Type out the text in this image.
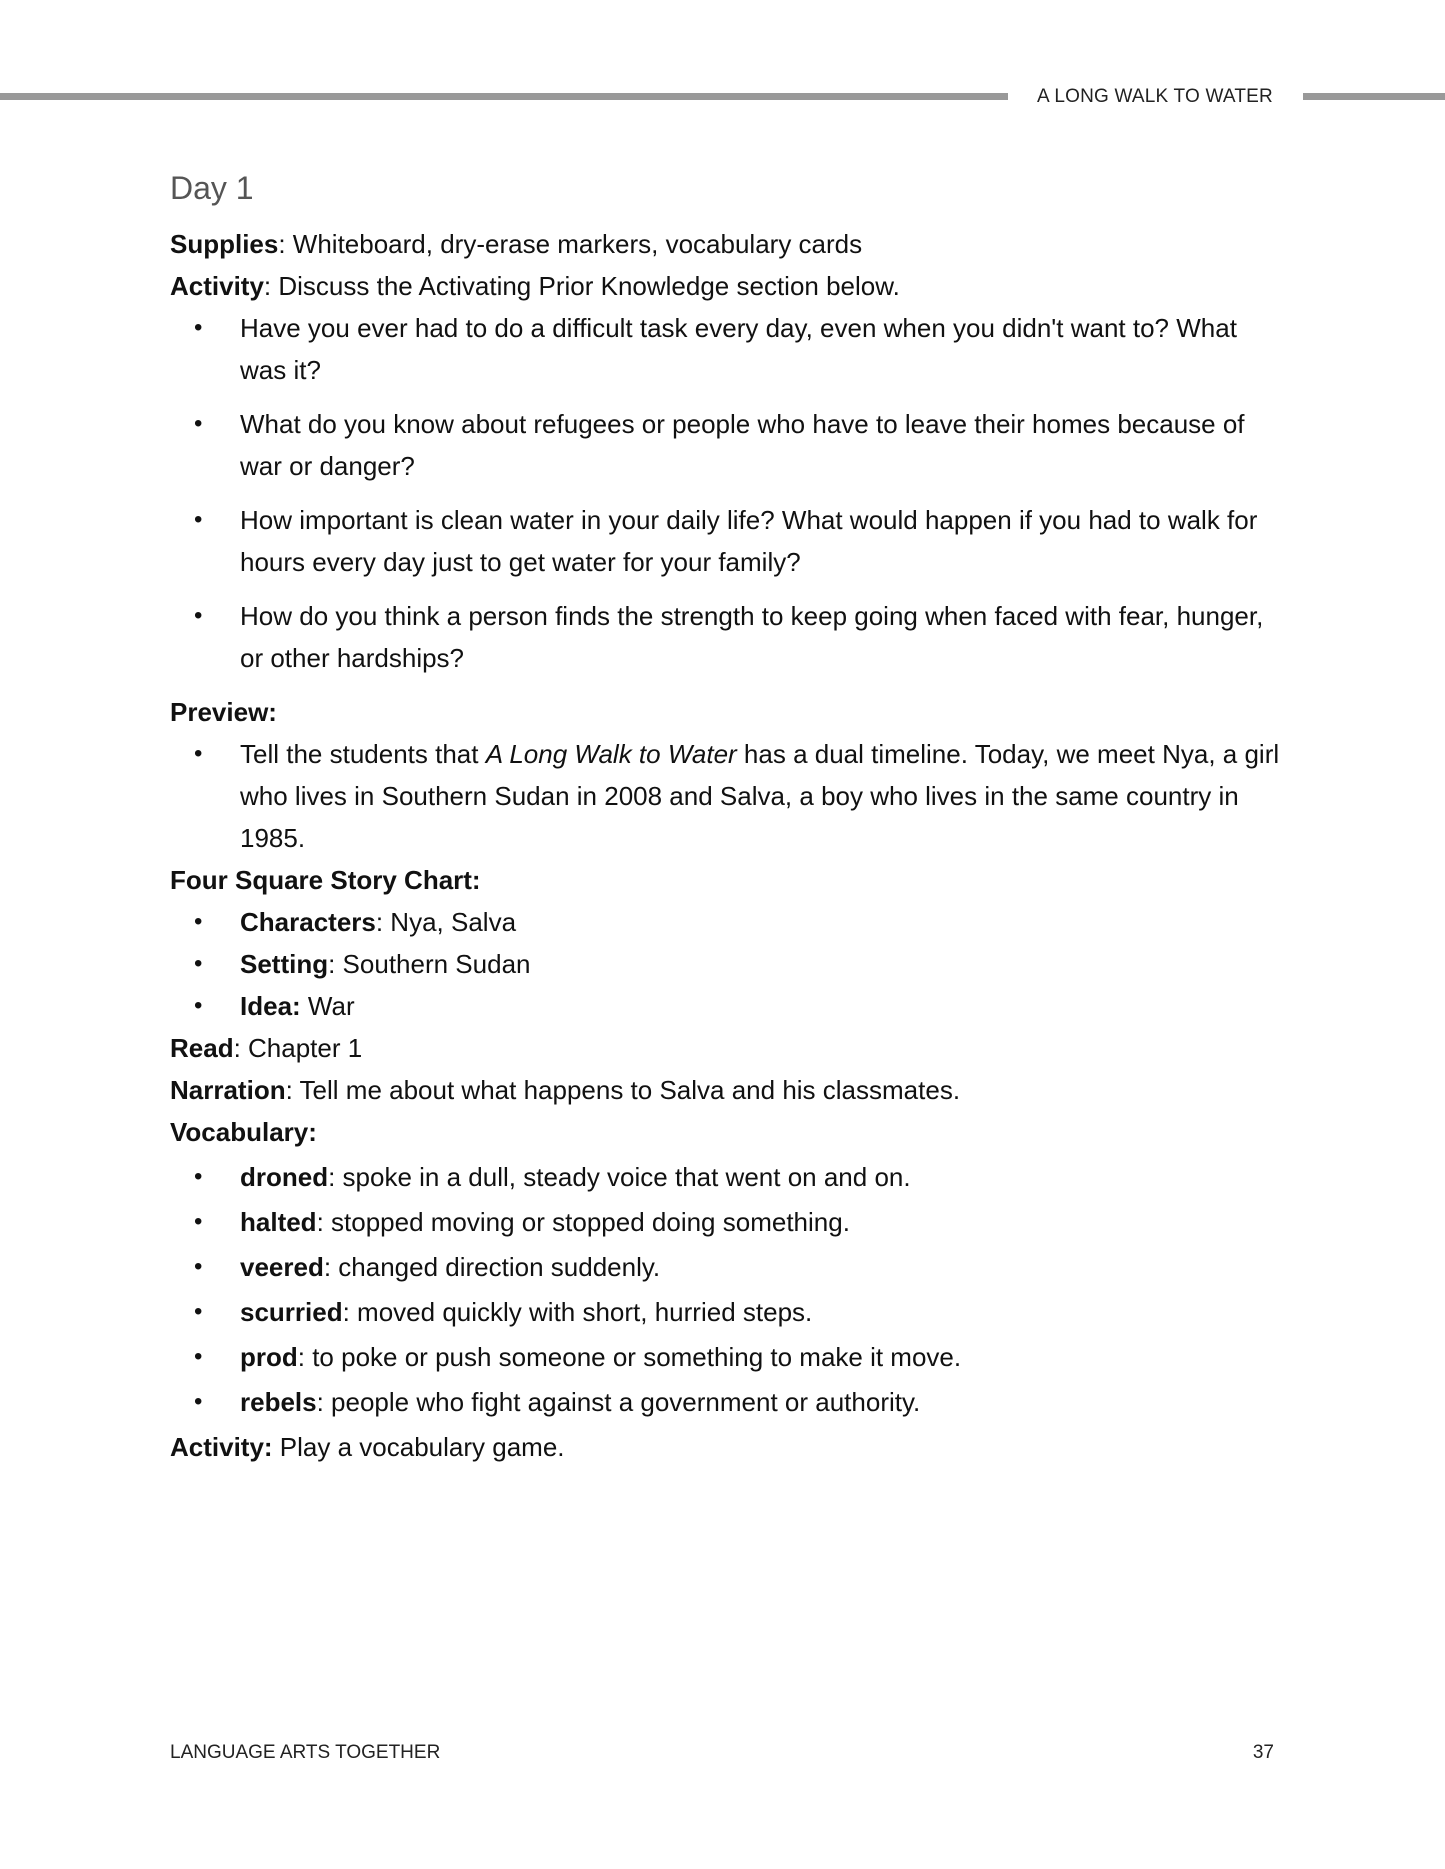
A LONG WALK TO WATER
Day 1

Supplies: Whiteboard, dry-erase markers, vocabulary cards

Activity: Discuss the Activating Prior Knowledge section below.

• Have you ever had to do a difficult task every day, even when you didn't want to? What was it?
• What do you know about refugees or people who have to leave their homes because of war or danger?
• How important is clean water in your daily life? What would happen if you had to walk for hours every day just to get water for your family?
• How do you think a person finds the strength to keep going when faced with fear, hunger, or other hardships?

Preview:

• Tell the students that A Long Walk to Water has a dual timeline. Today, we meet Nya, a girl who lives in Southern Sudan in 2008 and Salva, a boy who lives in the same country in 1985.

Four Square Story Chart:

• Characters: Nya, Salva
• Setting: Southern Sudan
• Idea: War

Read: Chapter 1

Narration: Tell me about what happens to Salva and his classmates.

Vocabulary:

• droned: spoke in a dull, steady voice that went on and on.
• halted: stopped moving or stopped doing something.
• veered: changed direction suddenly.
• scurried: moved quickly with short, hurried steps.
• prod: to poke or push someone or something to make it move.
• rebels: people who fight against a government or authority.

Activity: Play a vocabulary game.

LANGUAGE ARTS TOGETHER	37
